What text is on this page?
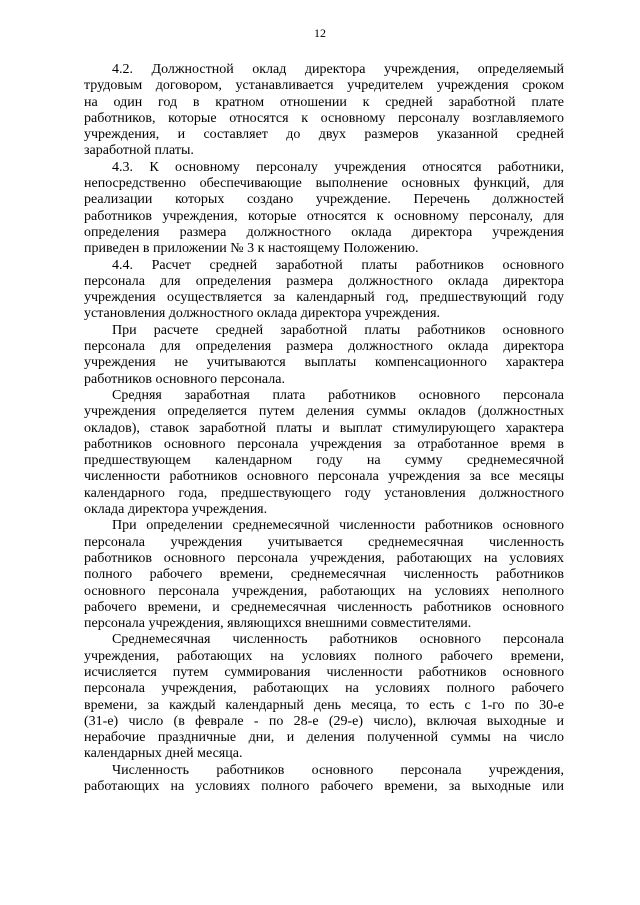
12
4.2. Должностной оклад директора учреждения, определяемый
трудовым договором, устанавливается учредителем учреждения сроком
на один год в кратном отношении к средней заработной плате
работников, которые относятся к основному персоналу возглавляемого
учреждения, и составляет до двух размеров указанной средней
заработной платы.
4.3. К основному персоналу учреждения относятся работники,
непосредственно обеспечивающие выполнение основных функций, для
реализации которых создано учреждение. Перечень должностей
работников учреждения, которые относятся к основному персоналу, для
определения размера должностного оклада директора учреждения
приведен в приложении № 3 к настоящему Положению.
4.4. Расчет средней заработной платы работников основного
персонала для определения размера должностного оклада директора
учреждения осуществляется за календарный год, предшествующий году
установления должностного оклада директора учреждения.
При расчете средней заработной платы работников основного
персонала для определения размера должностного оклада директора
учреждения не учитываются выплаты компенсационного характера
работников основного персонала.
Средняя заработная плата работников основного персонала
учреждения определяется путем деления суммы окладов (должностных
окладов), ставок заработной платы и выплат стимулирующего характера
работников основного персонала учреждения за отработанное время в
предшествующем календарном году на сумму среднемесячной
численности работников основного персонала учреждения за все месяцы
календарного года, предшествующего году установления должностного
оклада директора учреждения.
При определении среднемесячной численности работников основного
персонала учреждения учитывается среднемесячная численность
работников основного персонала учреждения, работающих на условиях
полного рабочего времени, среднемесячная численность работников
основного персонала учреждения, работающих на условиях неполного
рабочего времени, и среднемесячная численность работников основного
персонала учреждения, являющихся внешними совместителями.
Среднемесячная численность работников основного персонала
учреждения, работающих на условиях полного рабочего времени,
исчисляется путем суммирования численности работников основного
персонала учреждения, работающих на условиях полного рабочего
времени, за каждый календарный день месяца, то есть с 1-го по 30-е
(31-е) число (в феврале - по 28-е (29-е) число), включая выходные и
нерабочие праздничные дни, и деления полученной суммы на число
календарных дней месяца.
Численность работников основного персонала учреждения,
работающих на условиях полного рабочего времени, за выходные или
